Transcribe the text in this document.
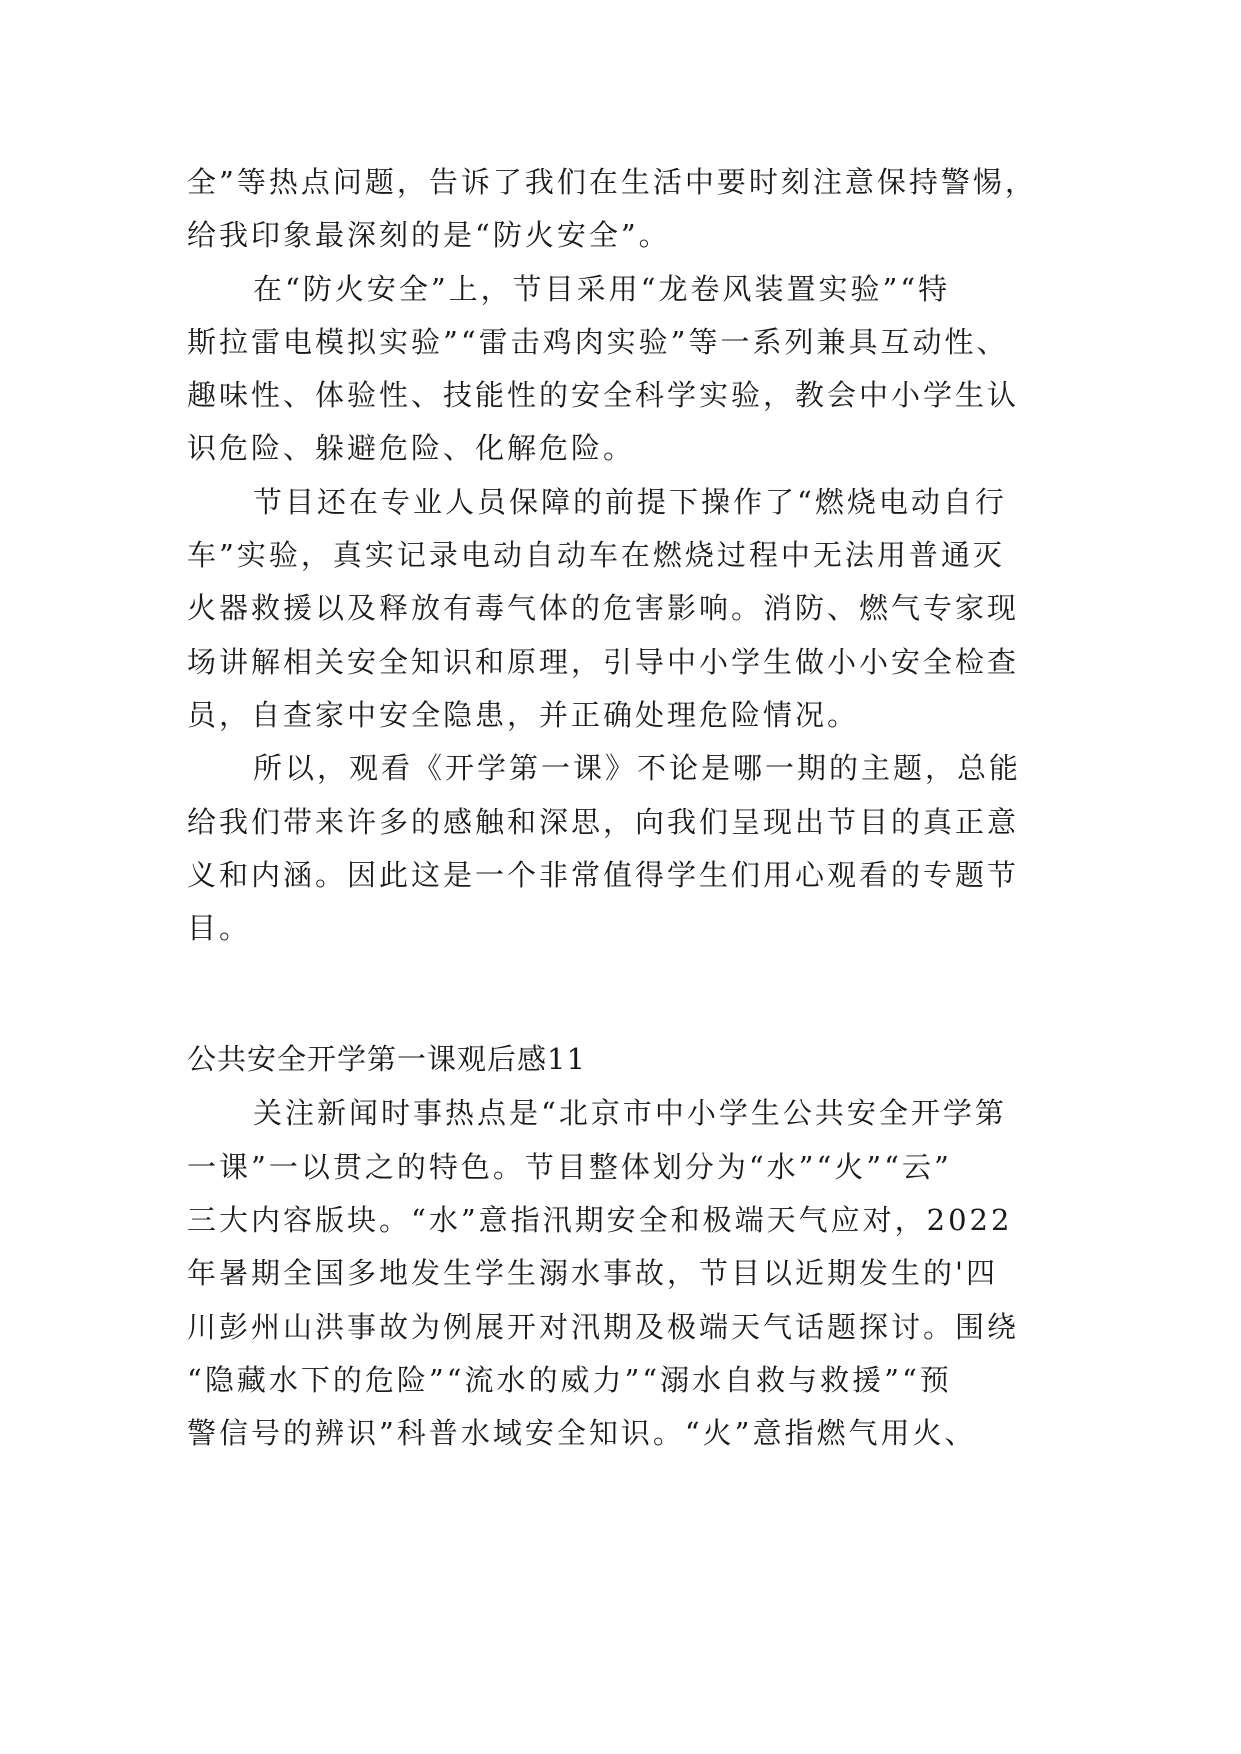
全”等热点问题，告诉了我们在生活中要时刻注意保持警惕，
给我印象最深刻的是“防火安全”。
在“防火安全”上，节目采用“龙卷风装置实验”“特
斯拉雷电模拟实验”“雷击鸡肉实验”等一系列兼具互动性、
趣味性、体验性、技能性的安全科学实验，教会中小学生认
识危险、躲避危险、化解危险。
节目还在专业人员保障的前提下操作了“燃烧电动自行
车”实验，真实记录电动自动车在燃烧过程中无法用普通灭
火器救援以及释放有毒气体的危害影响。消防、燃气专家现
场讲解相关安全知识和原理，引导中小学生做小小安全检查
员，自查家中安全隐患，并正确处理危险情况。
所以，观看《开学第一课》不论是哪一期的主题，总能
给我们带来许多的感触和深思，向我们呈现出节目的真正意
义和内涵。因此这是一个非常值得学生们用心观看的专题节
目。
公共安全开学第一课观后感11
关注新闻时事热点是“北京市中小学生公共安全开学第
一课”一以贯之的特色。节目整体划分为“水”“火”“云”
三大内容版块。“水”意指汛期安全和极端天气应对，2022
年暑期全国多地发生学生溺水事故，节目以近期发生的'四
川彭州山洪事故为例展开对汛期及极端天气话题探讨。围绕
“隐藏水下的危险”“流水的威力”“溺水自救与救援”“预
警信号的辨识”科普水域安全知识。“火”意指燃气用火、
